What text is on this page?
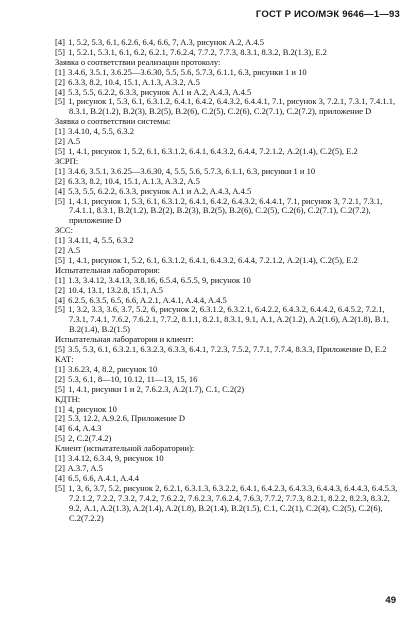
ГОСТ Р ИСО/МЭК 9646—1—93
[4] 1, 5.2, 5.3, 6.1, 6.2.6, 6.4, 6.6, 7, A.3, рисунок A.2, A.4.5
[5] 1, 5.2.1, 5.3.1, 6.1, 6.2, 6.2.1, 7.6.2.4, 7.7.2, 7.7.3, 8.3.1, 8.3.2, B.2(1.3), E.2
Заявка о соответствии реализации протоколу:
[1] 3.4.6, 3.5.1, 3.6.25—3.6.30, 5.5, 5.6, 5.7.3, 6.1.1, 6.3, рисунки 1 и 10
[2] 6.3.3, 8.2, 10.4, 15.1, A.1.3, A.3.2, A.5
[4] 5.3, 5.5, 6.2.2, 6.3.3, рисунок A.1 и A.2, A.4.3, A.4.5
[5] 1, рисунок 1, 5.3, 6.1, 6.3.1.2, 6.4.1, 6.4.2, 6.4.3.2, 6.4.4.1, 7.1, рисунок 3, 7.2.1, 7.3.1, 7.4.1.1, 8.3.1, B.2(1.2), B.2(3), B.2(5), B.2(6), C.2(5), C.2(6), C.2(7.1), C.2(7.2), приложение D
Заявка о соответствии системы:
[1] 3.4.10, 4, 5.5, 6.3.2
[2] A.5
[5] 1, 4.1, рисунок 1, 5.2, 6.1, 6.3.1.2, 6.4.1, 6.4.3.2, 6.4.4, 7.2.1.2, A.2(1.4), C.2(5), E.2
ЗСРП:
[1] 3.4.6, 3.5.1, 3.6.25—3.6.30, 4, 5.5, 5.6, 5.7.3, 6.1.1, 6.3, рисунки 1 и 10
[2] 6.3.3, 8.2, 10.4, 15.1, A.1.3, A.3.2, A.5
[4] 5.3, 5.5, 6.2.2, 6.3.3, рисунок A.1 и A.2, A.4.3, A.4.5
[5] 1, 4.1, рисунок 1, 5.3, 6.1, 6.3.1.2, 6.4.1, 6.4.2, 6.4.3.2, 6.4.4.1, 7.1, рисунок 3, 7.2.1, 7.3.1, 7.4.1.1, 8.3.1, B.2(1.2), B.2(2), B.2(3), B.2(5), B.2(6), C.2(5), C.2(6), C.2(7.1), C.2(7.2), приложение D
ЗСС:
[1] 3.4.11, 4, 5.5, 6.3.2
[2] A.5
[5] 1, 4.1, рисунок 1, 5.2, 6.1, 6.3.1.2, 6.4.1, 6.4.3.2, 6.4.4, 7.2.1.2, A.2(1.4), C.2(5), E.2
Испытательная лаборатория:
[1] 1.3, 3.4.12, 3.4.13, 3.8.16, 6.5.4, 6.5.5, 9, рисунок 10
[2] 10.4, 13.1, 13.2.8, 15.1, A.5
[4] 6.2.5, 6.3.5, 6.5, 6.6, A.2.1, A.4.1, A.4.4, A.4.5
[5] 1, 3.2, 3.3, 3.6, 3.7, 5.2, 6, рисунок 2, 6.3.1.2, 6.3.2.1, 6.4.2.2, 6.4.3.2, 6.4.4.2, 6.4.5.2, 7.2.1, 7.3.1, 7.4.1, 7.6.2, 7.6.2.1, 7.7.2, 8.1.1, 8.2.1, 8.3.1, 9.1, A.1, A.2(1.2), A.2(1.6), A.2(1.8), B.1, B.2(1.4), B.2(1.5)
Испытательная лаборатория и клиент:
[5] 3.5, 5.3, 6.1, 6.3.2.1, 6.3.2.3, 6.3.3, 6.4.1, 7.2.3, 7.5.2, 7.7.1, 7.7.4, 8.3.3, Приложение D, E.2
КАТ:
[1] 3.6.23, 4, 8.2, рисунок 10
[2] 5.3, 6.1, 8—10, 10.12, 11—13, 15, 16
[5] 1, 4.1, рисунки 1 и 2, 7.6.2.3, A.2(1.7), C.1, C.2(2)
КДТН:
[1] 4, рисунок 10
[2] 5.3, 12.2, A.9.2.6, Приложение D
[4] 6.4, A.4.3
[5] 2, C.2(7.4.2)
Клиент (испытательной лаборатории):
[1] 3.4.12, 6.3.4, 9, рисунок 10
[2] A.3.7, A.5
[4] 6.5, 6.6, A.4.1, A.4.4
[5] 1, 3, 6, 3.7, 5.2, рисунок 2, 6.2.1, 6.3.1.3, 6.3.2.2, 6.4.1, 6.4.2.3, 6.4.3.3, 6.4.4.3, 6.4.4.3, 6.4.5.3, 7.2.1.2, 7.2.2, 7.3.2, 7.4.2, 7.6.2.2, 7.6.2.3, 7.6.2.4, 7.6.3, 7.7.2, 7.7.3, 8.2.1, 8.2.2, 8.2.3, 8.3.2, 9.2, A.1, A.2(1.3), A.2(1.4), A.2(1.8), B.2(1.4), B.2(1.5), C.1, C.2(1), C.2(4), C.2(5), C.2(6), C.2(7.2.2)
49
